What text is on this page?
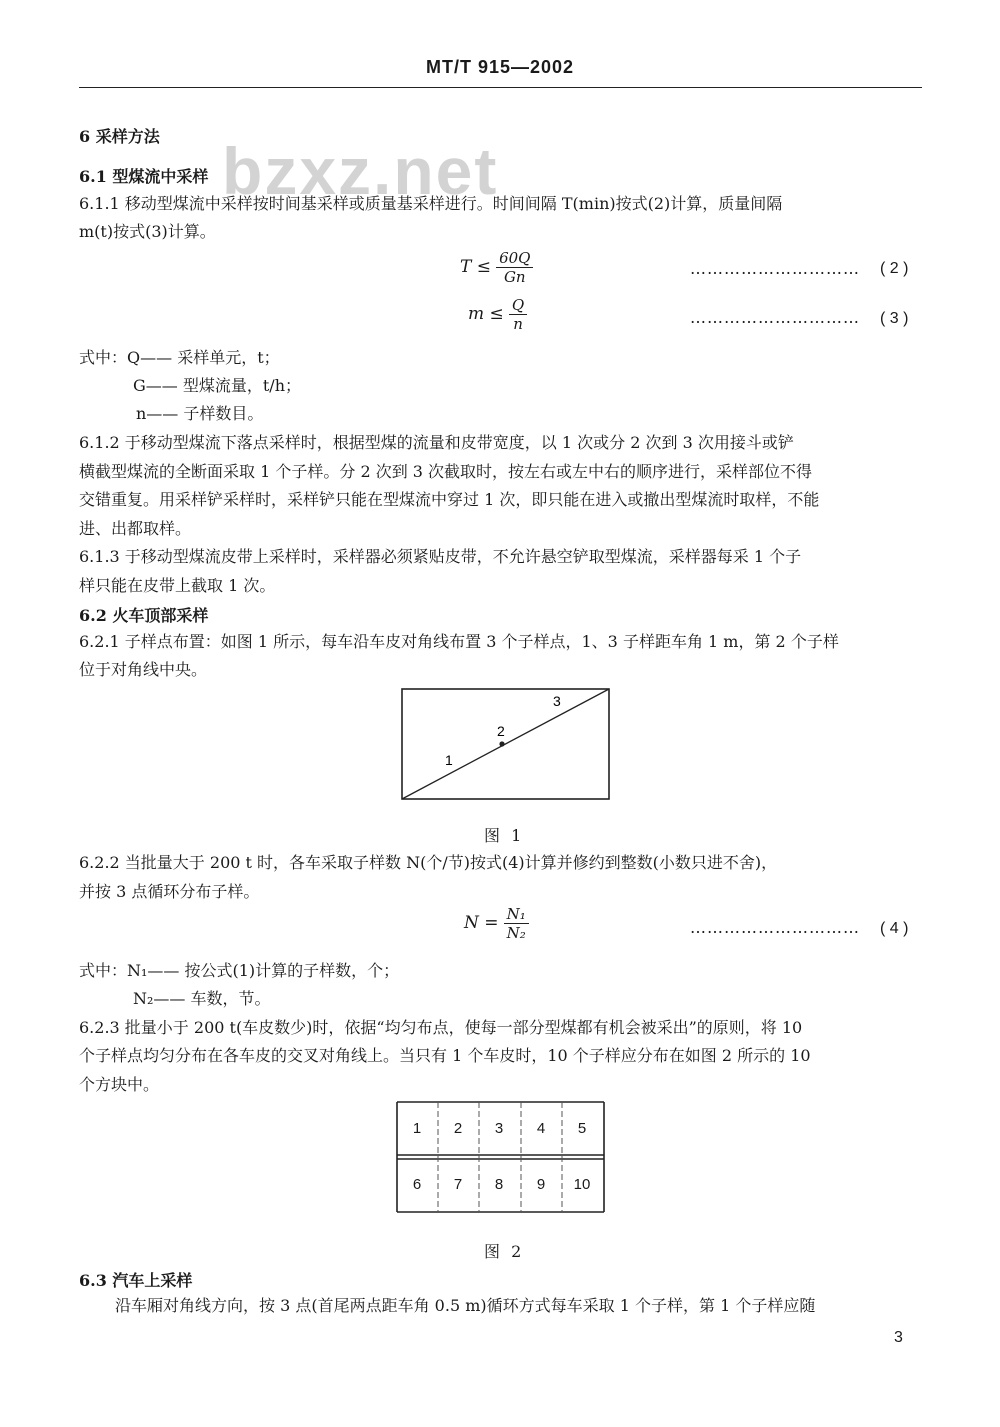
bzxz.net
MT/T 915—2002
6 采样方法
6.1 型煤流中采样
6.1.1 移动型煤流中采样按时间基采样或质量基采样进行。时间间隔 T(min)按式(2)计算，质量间隔
m(t)按式(3)计算。
$T \le \frac{60Q}{Gn}$	………………………… ( 2 )
$m \le \frac{Q}{n}$	………………………… ( 3 )
式中：Q—— 采样单元，t；
G—— 型煤流量，t/h；
n—— 子样数目。
6.1.2 于移动型煤流下落点采样时，根据型煤的流量和皮带宽度，以 1 次或分 2 次到 3 次用接斗或铲
横截型煤流的全断面采取 1 个子样。分 2 次到 3 次截取时，按左右或左中右的顺序进行，采样部位不得
交错重复。用采样铲采样时，采样铲只能在型煤流中穿过 1 次，即只能在进入或撤出型煤流时取样，不能
进、出都取样。
6.1.3 于移动型煤流皮带上采样时，采样器必须紧贴皮带，不允许悬空铲取型煤流，采样器每采 1 个子
样只能在皮带上截取 1 次。
6.2 火车顶部采样
6.2.1 子样点布置：如图 1 所示，每车沿车皮对角线布置 3 个子样点，1、3 子样距车角 1 m，第 2 个子样
位于对角线中央。
1
2
3
图 1
6.2.2 当批量大于 200 t 时，各车采取子样数 N(个/节)按式(4)计算并修约到整数(小数只进不舍)，
并按 3 点循环分布子样。
$N = \frac{\text{N₁}}{\text{N₂}}$	………………………… ( 4 )
式中：N₁—— 按公式(1)计算的子样数，个；
N₂—— 车数，节。
6.2.3 批量小于 200 t(车皮数少)时，依据“均匀布点，使每一部分型煤都有机会被采出”的原则，将 10
个子样点均匀分布在各车皮的交叉对角线上。当只有 1 个车皮时，10 个子样应分布在如图 2 所示的 10
个方块中。
1	2	3	4	5
6	7	8	9	10
图 2
6.3 汽车上采样
沿车厢对角线方向，按 3 点(首尾两点距车角 0.5 m)循环方式每车采取 1 个子样，第 1 个子样应随
3
